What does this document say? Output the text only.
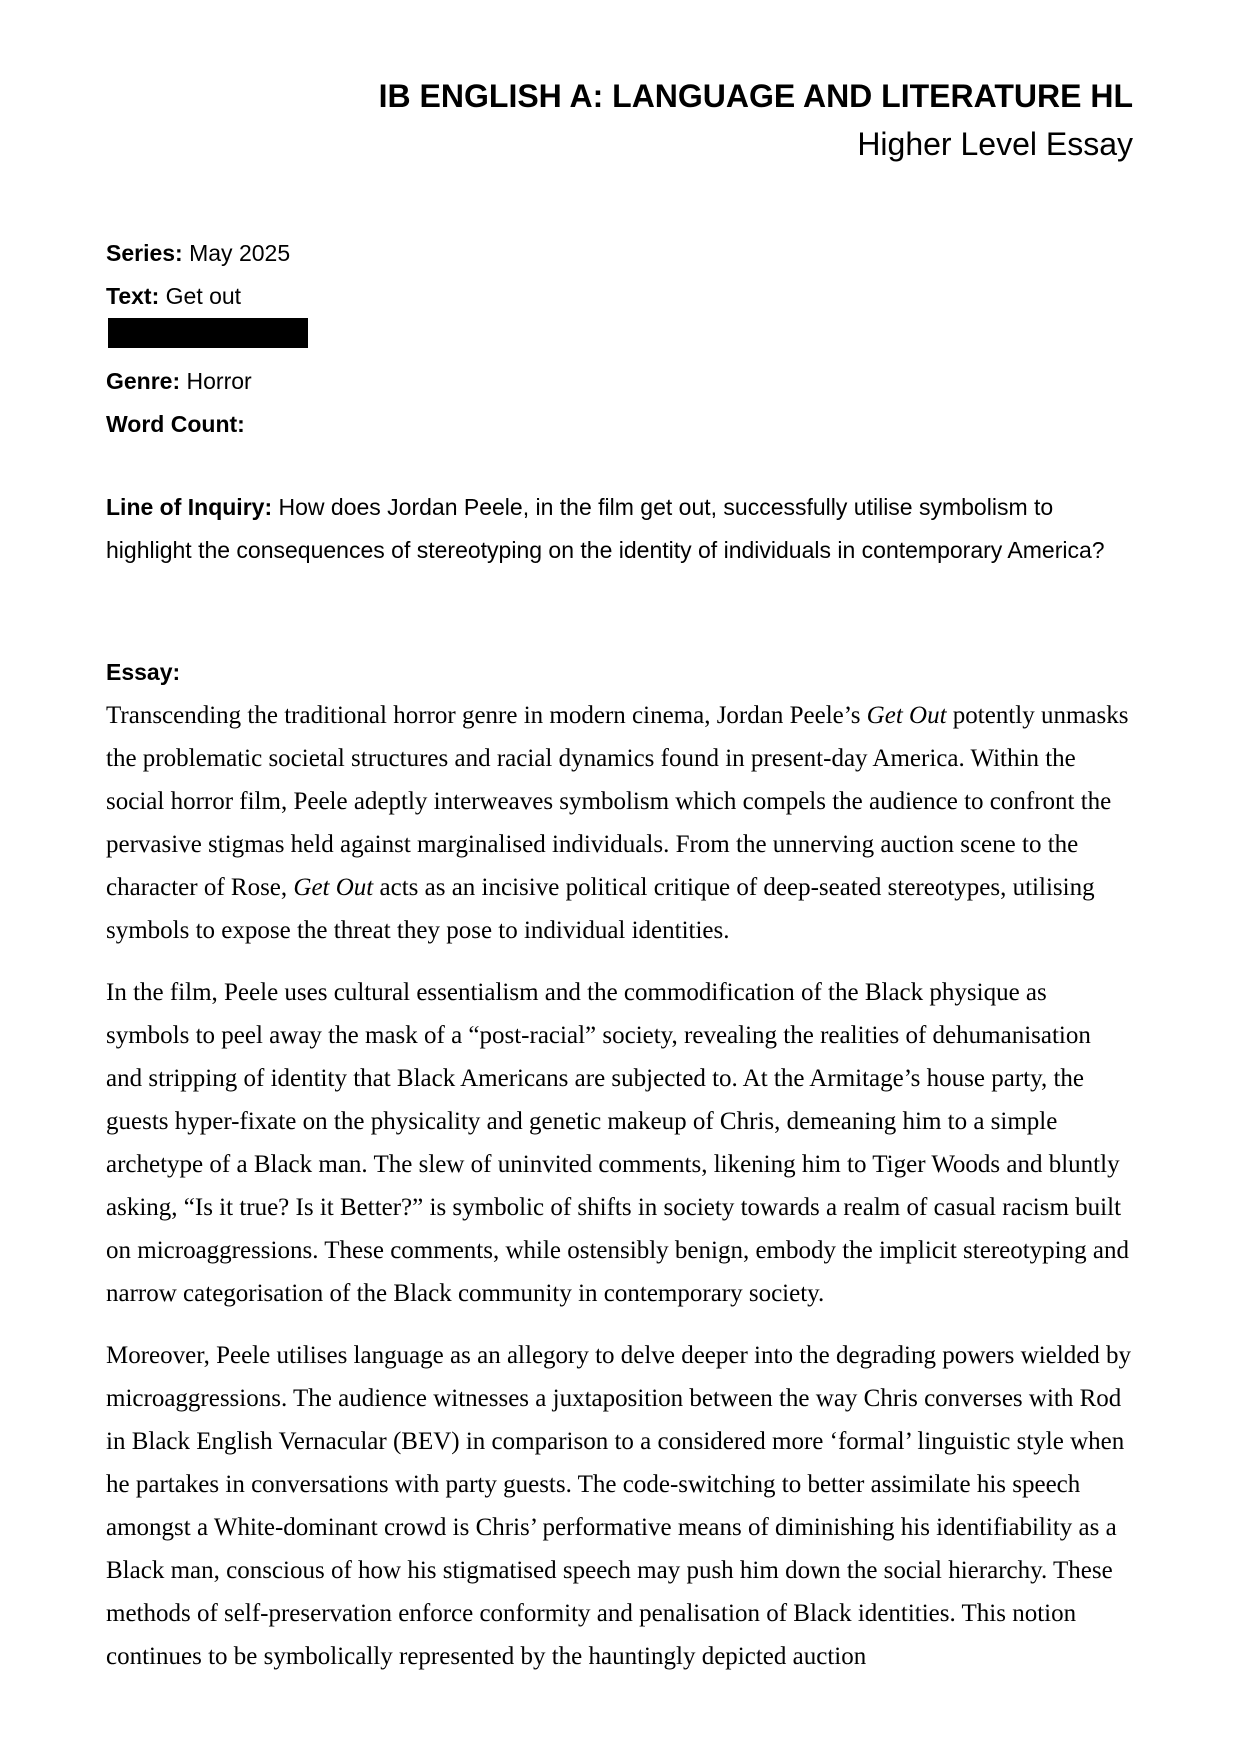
IB ENGLISH A: LANGUAGE AND LITERATURE HL
Higher Level Essay

Series: May 2025

Text: Get out

Genre: Horror

Word Count:

Line of Inquiry: How does Jordan Peele, in the film get out, successfully utilise symbolism to highlight the consequences of stereotyping on the identity of individuals in contemporary America?

Essay:

Transcending the traditional horror genre in modern cinema, Jordan Peele’s Get Out potently unmasks the problematic societal structures and racial dynamics found in present-day America. Within the social horror film, Peele adeptly interweaves symbolism which compels the audience to confront the pervasive stigmas held against marginalised individuals. From the unnerving auction scene to the character of Rose, Get Out acts as an incisive political critique of deep-seated stereotypes, utilising symbols to expose the threat they pose to individual identities.

In the film, Peele uses cultural essentialism and the commodification of the Black physique as symbols to peel away the mask of a “post-racial” society, revealing the realities of dehumanisation and stripping of identity that Black Americans are subjected to. At the Armitage’s house party, the guests hyper-fixate on the physicality and genetic makeup of Chris, demeaning him to a simple archetype of a Black man. The slew of uninvited comments, likening him to Tiger Woods and bluntly asking, “Is it true? Is it Better?” is symbolic of shifts in society towards a realm of casual racism built on microaggressions. These comments, while ostensibly benign, embody the implicit stereotyping and narrow categorisation of the Black community in contemporary society.

Moreover, Peele utilises language as an allegory to delve deeper into the degrading powers wielded by microaggressions. The audience witnesses a juxtaposition between the way Chris converses with Rod in Black English Vernacular (BEV) in comparison to a considered more ‘formal’ linguistic style when he partakes in conversations with party guests. The code-switching to better assimilate his speech amongst a White-dominant crowd is Chris’ performative means of diminishing his identifiability as a Black man, conscious of how his stigmatised speech may push him down the social hierarchy. These methods of self-preservation enforce conformity and penalisation of Black identities. This notion continues to be symbolically represented by the hauntingly depicted auction
